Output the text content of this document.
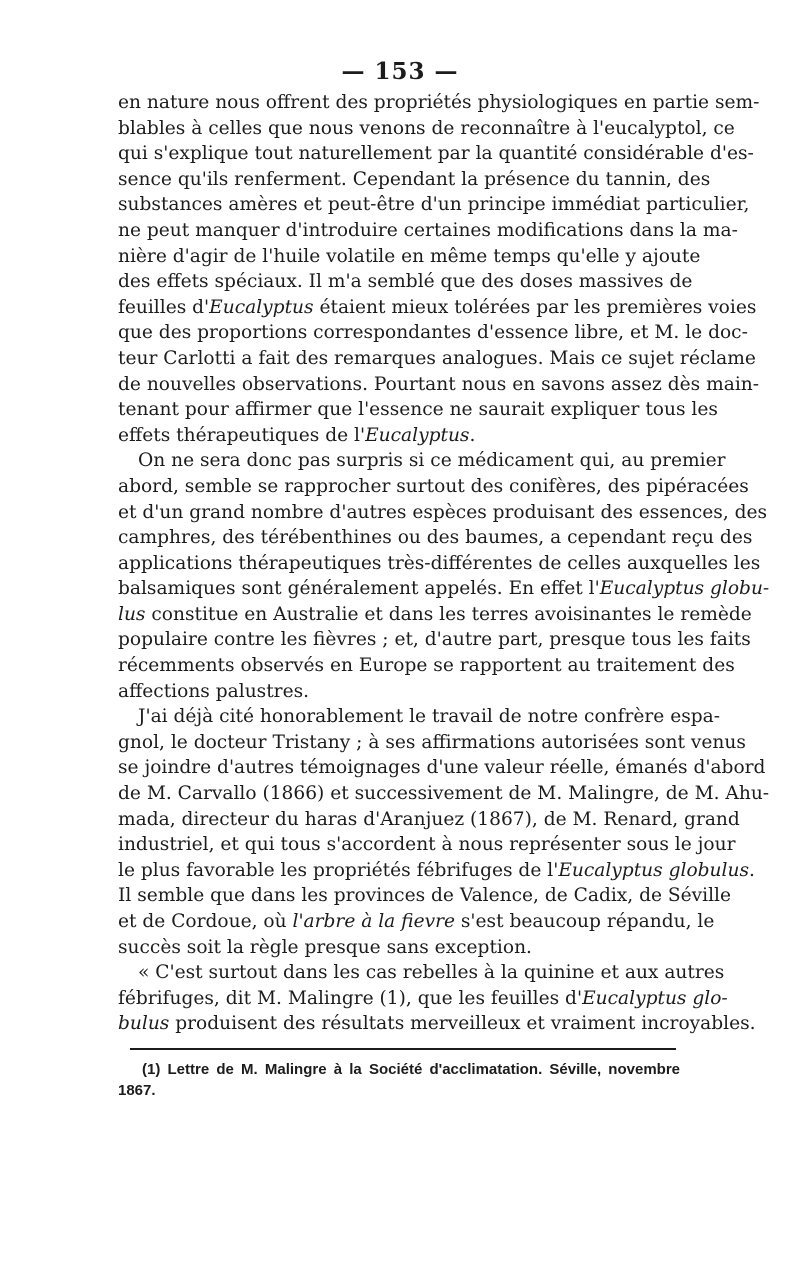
— 153 —
en nature nous offrent des propriétés physiologiques en partie sem-
blables à celles que nous venons de reconnaître à l'eucalyptol, ce
qui s'explique tout naturellement par la quantité considérable d'es-
sence qu'ils renferment. Cependant la présence du tannin, des
substances amères et peut-être d'un principe immédiat particulier,
ne peut manquer d'introduire certaines modifications dans la ma-
nière d'agir de l'huile volatile en même temps qu'elle y ajoute
des effets spéciaux. Il m'a semblé que des doses massives de
feuilles d'Eucalyptus étaient mieux tolérées par les premières voies
que des proportions correspondantes d'essence libre, et M. le doc-
teur Carlotti a fait des remarques analogues. Mais ce sujet réclame
de nouvelles observations. Pourtant nous en savons assez dès main-
tenant pour affirmer que l'essence ne saurait expliquer tous les
effets thérapeutiques de l'Eucalyptus.
On ne sera donc pas surpris si ce médicament qui, au premier
abord, semble se rapprocher surtout des conifères, des pipéracées
et d'un grand nombre d'autres espèces produisant des essences, des
camphres, des térébenthines ou des baumes, a cependant reçu des
applications thérapeutiques très-différentes de celles auxquelles les
balsamiques sont généralement appelés. En effet l'Eucalyptus globu-
lus constitue en Australie et dans les terres avoisinantes le remède
populaire contre les fièvres ; et, d'autre part, presque tous les faits
récemments observés en Europe se rapportent au traitement des
affections palustres.
J'ai déjà cité honorablement le travail de notre confrère espa-
gnol, le docteur Tristany ; à ses affirmations autorisées sont venus
se joindre d'autres témoignages d'une valeur réelle, émanés d'abord
de M. Carvallo (1866) et successivement de M. Malingre, de M. Ahu-
mada, directeur du haras d'Aranjuez (1867), de M. Renard, grand
industriel, et qui tous s'accordent à nous représenter sous le jour
le plus favorable les propriétés fébrifuges de l'Eucalyptus globulus.
Il semble que dans les provinces de Valence, de Cadix, de Séville
et de Cordoue, où l'arbre à la fievre s'est beaucoup répandu, le
succès soit la règle presque sans exception.
« C'est surtout dans les cas rebelles à la quinine et aux autres
fébrifuges, dit M. Malingre (1), que les feuilles d'Eucalyptus glo-
bulus produisent des résultats merveilleux et vraiment incroyables.
(1) Lettre de M. Malingre à la Société d'acclimatation. Séville, novembre
1867.
